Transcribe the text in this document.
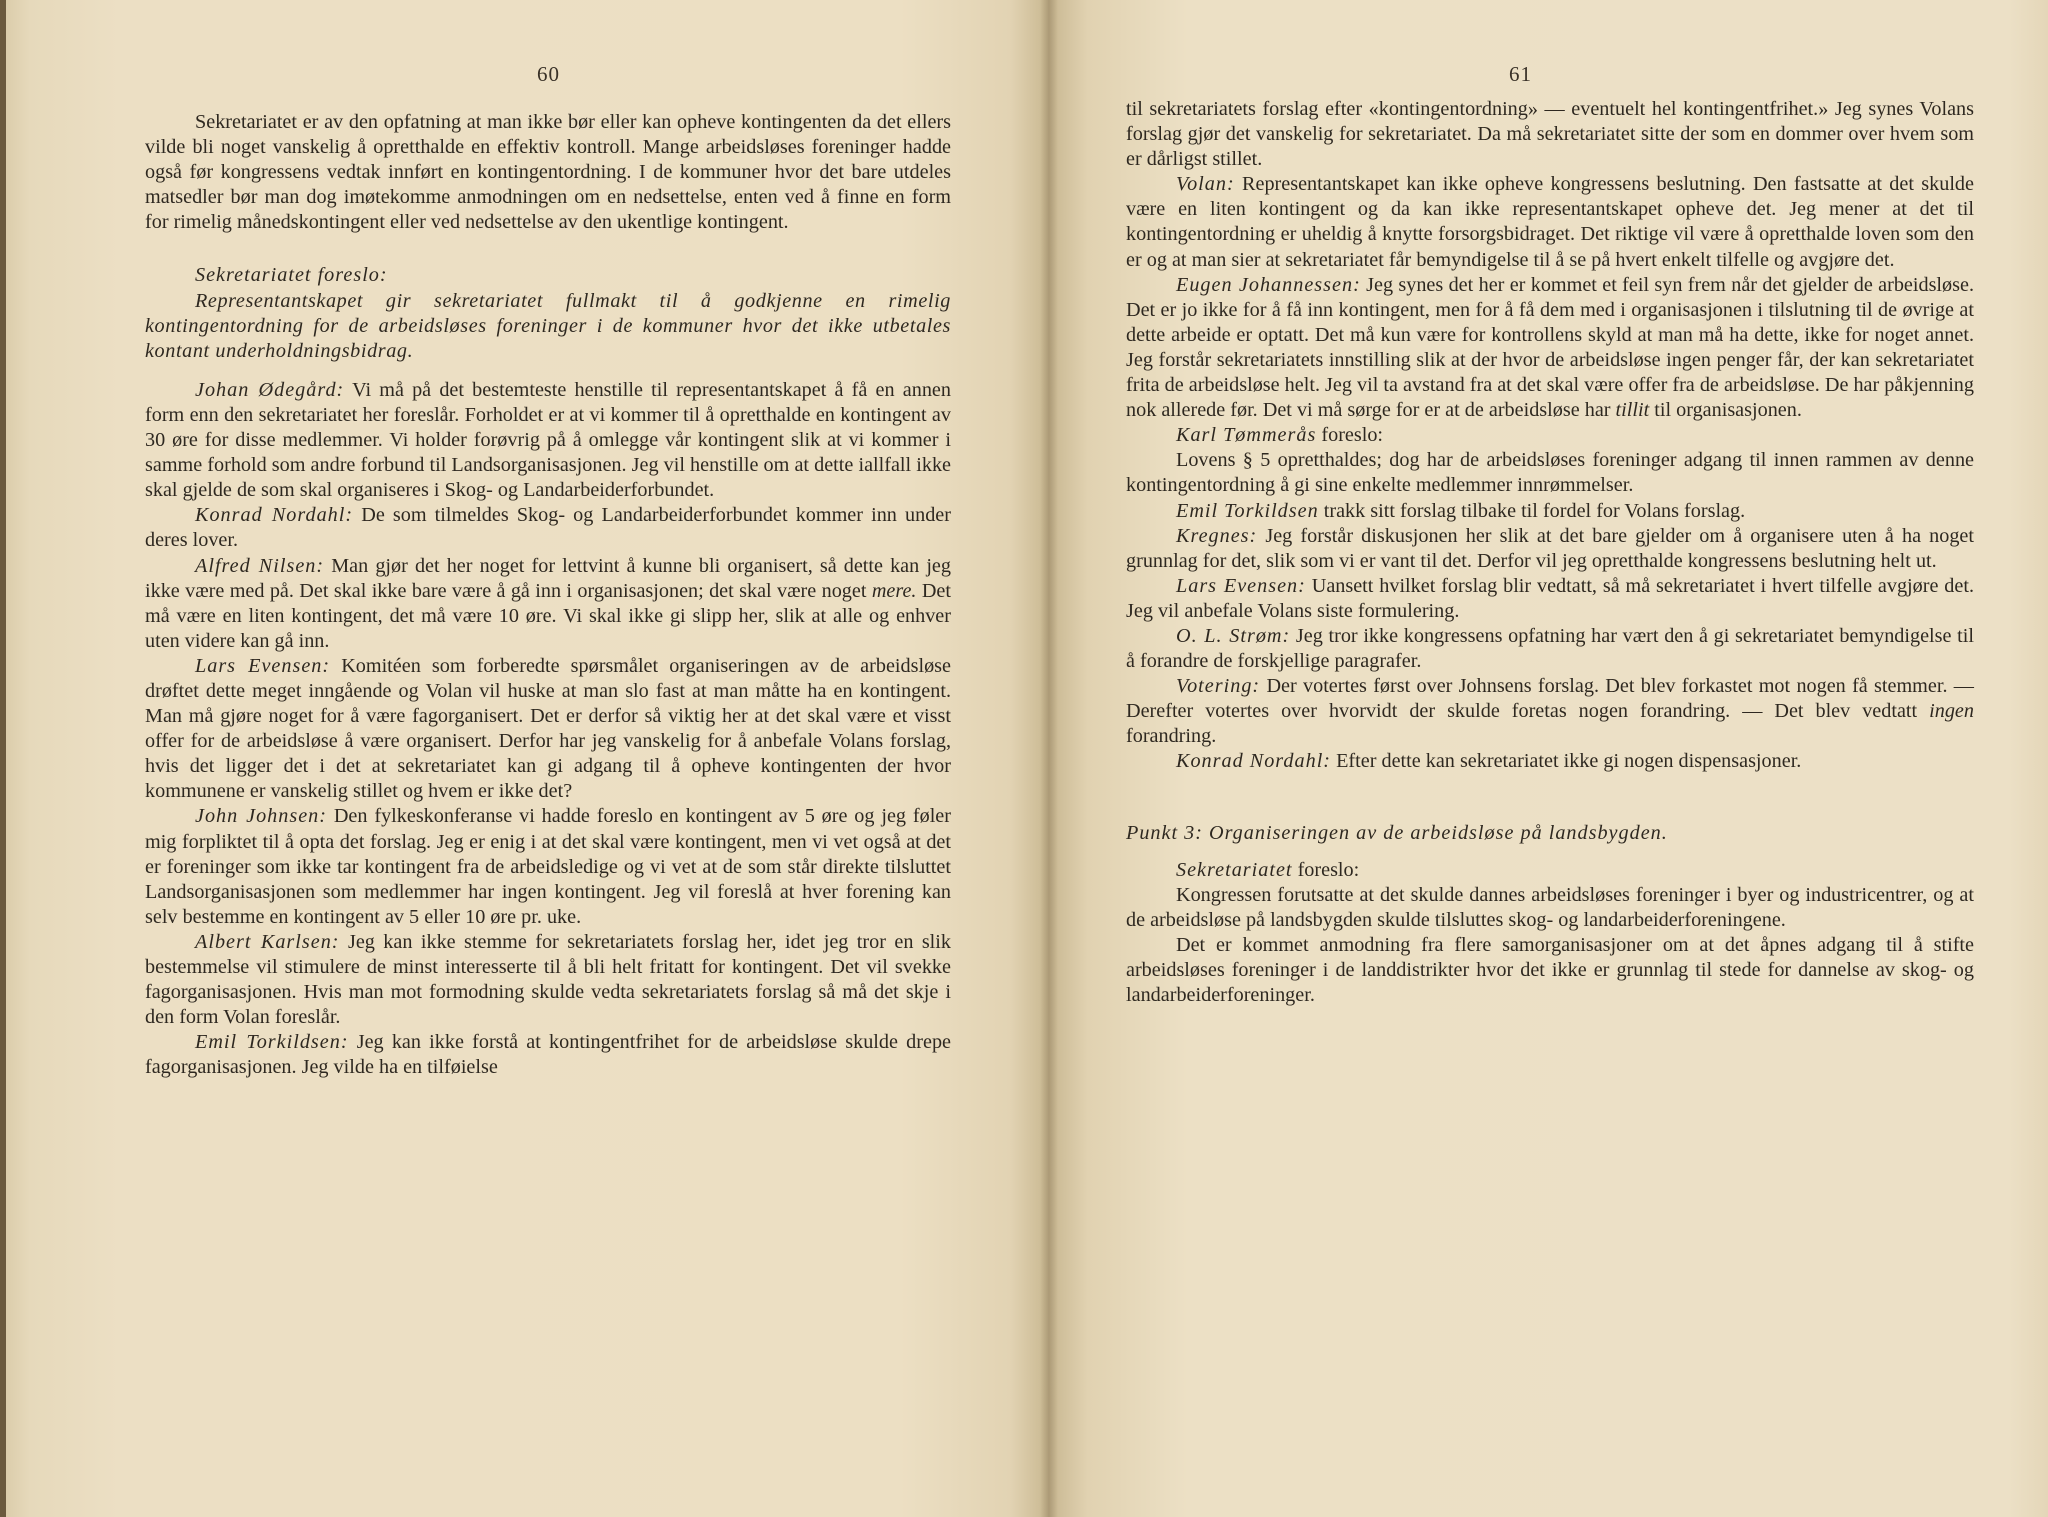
60

Sekretariatet er av den opfatning at man ikke bør eller kan opheve kontingenten da det ellers vilde bli noget vanskelig å opretthalde en effektiv kontroll. Mange arbeidsløses foreninger hadde også før kongressens vedtak innført en kontingentordning. I de kommuner hvor det bare utdeles matsedler bør man dog imøtekomme anmodningen om en nedsettelse, enten ved å finne en form for rimelig månedskontingent eller ved nedsettelse av den ukentlige kontingent.

Sekretariatet foreslo:

Representantskapet gir sekretariatet fullmakt til å godkjenne en rimelig kontingentordning for de arbeidsløses foreninger i de kommuner hvor det ikke utbetales kontant underholdningsbidrag.

Johan Ødegård: Vi må på det bestemteste henstille til representantskapet å få en annen form enn den sekretariatet her foreslår. Forholdet er at vi kommer til å opretthalde en kontingent av 30 øre for disse medlemmer. Vi holder forøvrig på å omlegge vår kontingent slik at vi kommer i samme forhold som andre forbund til Landsorganisasjonen. Jeg vil henstille om at dette iallfall ikke skal gjelde de som skal organiseres i Skog- og Landarbeiderforbundet.

Konrad Nordahl: De som tilmeldes Skog- og Landarbeiderforbundet kommer inn under deres lover.

Alfred Nilsen: Man gjør det her noget for lettvint å kunne bli organisert, så dette kan jeg ikke være med på. Det skal ikke bare være å gå inn i organisasjonen; det skal være noget mere. Det må være en liten kontingent, det må være 10 øre. Vi skal ikke gi slipp her, slik at alle og enhver uten videre kan gå inn.

Lars Evensen: Komitéen som forberedte spørsmålet organiseringen av de arbeidsløse drøftet dette meget inngående og Volan vil huske at man slo fast at man måtte ha en kontingent. Man må gjøre noget for å være fagorganisert. Det er derfor så viktig her at det skal være et visst offer for de arbeidsløse å være organisert. Derfor har jeg vanskelig for å anbefale Volans forslag, hvis det ligger det i det at sekretariatet kan gi adgang til å opheve kontingenten der hvor kommunene er vanskelig stillet og hvem er ikke det?

John Johnsen: Den fylkeskonferanse vi hadde foreslo en kontingent av 5 øre og jeg føler mig forpliktet til å opta det forslag. Jeg er enig i at det skal være kontingent, men vi vet også at det er foreninger som ikke tar kontingent fra de arbeidsledige og vi vet at de som står direkte tilsluttet Landsorganisasjonen som medlemmer har ingen kontingent. Jeg vil foreslå at hver forening kan selv bestemme en kontingent av 5 eller 10 øre pr. uke.

Albert Karlsen: Jeg kan ikke stemme for sekretariatets forslag her, idet jeg tror en slik bestemmelse vil stimulere de minst interesserte til å bli helt fritatt for kontingent. Det vil svekke fagorganisasjonen. Hvis man mot formodning skulde vedta sekretariatets forslag så må det skje i den form Volan foreslår.

Emil Torkildsen: Jeg kan ikke forstå at kontingentfrihet for de arbeidsløse skulde drepe fagorganisasjonen. Jeg vilde ha en tilføielse

61

til sekretariatets forslag efter «kontingentordning» — eventuelt hel kontingentfrihet.» Jeg synes Volans forslag gjør det vanskelig for sekretariatet. Da må sekretariatet sitte der som en dommer over hvem som er dårligst stillet.

Volan: Representantskapet kan ikke opheve kongressens beslutning. Den fastsatte at det skulde være en liten kontingent og da kan ikke representantskapet opheve det. Jeg mener at det til kontingentordning er uheldig å knytte forsorgsbidraget. Det riktige vil være å opretthalde loven som den er og at man sier at sekretariatet får bemyndigelse til å se på hvert enkelt tilfelle og avgjøre det.

Eugen Johannessen: Jeg synes det her er kommet et feil syn frem når det gjelder de arbeidsløse. Det er jo ikke for å få inn kontingent, men for å få dem med i organisasjonen i tilslutning til de øvrige at dette arbeide er optatt. Det må kun være for kontrollens skyld at man må ha dette, ikke for noget annet. Jeg forstår sekretariatets innstilling slik at der hvor de arbeidsløse ingen penger får, der kan sekretariatet frita de arbeidsløse helt. Jeg vil ta avstand fra at det skal være offer fra de arbeidsløse. De har påkjenning nok allerede før. Det vi må sørge for er at de arbeidsløse har tillit til organisasjonen.

Karl Tømmerås foreslo:

Lovens § 5 opretthaldes; dog har de arbeidsløses foreninger adgang til innen rammen av denne kontingentordning å gi sine enkelte medlemmer innrømmelser.

Emil Torkildsen trakk sitt forslag tilbake til fordel for Volans forslag.

Kregnes: Jeg forstår diskusjonen her slik at det bare gjelder om å organisere uten å ha noget grunnlag for det, slik som vi er vant til det. Derfor vil jeg opretthalde kongressens beslutning helt ut.

Lars Evensen: Uansett hvilket forslag blir vedtatt, så må sekretariatet i hvert tilfelle avgjøre det. Jeg vil anbefale Volans siste formulering.

O. L. Strøm: Jeg tror ikke kongressens opfatning har vært den å gi sekretariatet bemyndigelse til å forandre de forskjellige paragrafer.

Votering: Der votertes først over Johnsens forslag. Det blev forkastet mot nogen få stemmer. — Derefter votertes over hvorvidt der skulde foretas nogen forandring. — Det blev vedtatt ingen forandring.

Konrad Nordahl: Efter dette kan sekretariatet ikke gi nogen dispensasjoner.

Punkt 3: Organiseringen av de arbeidsløse på landsbygden.

Sekretariatet foreslo:

Kongressen forutsatte at det skulde dannes arbeidsløses foreninger i byer og industricentrer, og at de arbeidsløse på landsbygden skulde tilsluttes skog- og landarbeiderforeningene.

Det er kommet anmodning fra flere samorganisasjoner om at det åpnes adgang til å stifte arbeidsløses foreninger i de landdistrikter hvor det ikke er grunnlag til stede for dannelse av skog- og landarbeiderforeninger.
